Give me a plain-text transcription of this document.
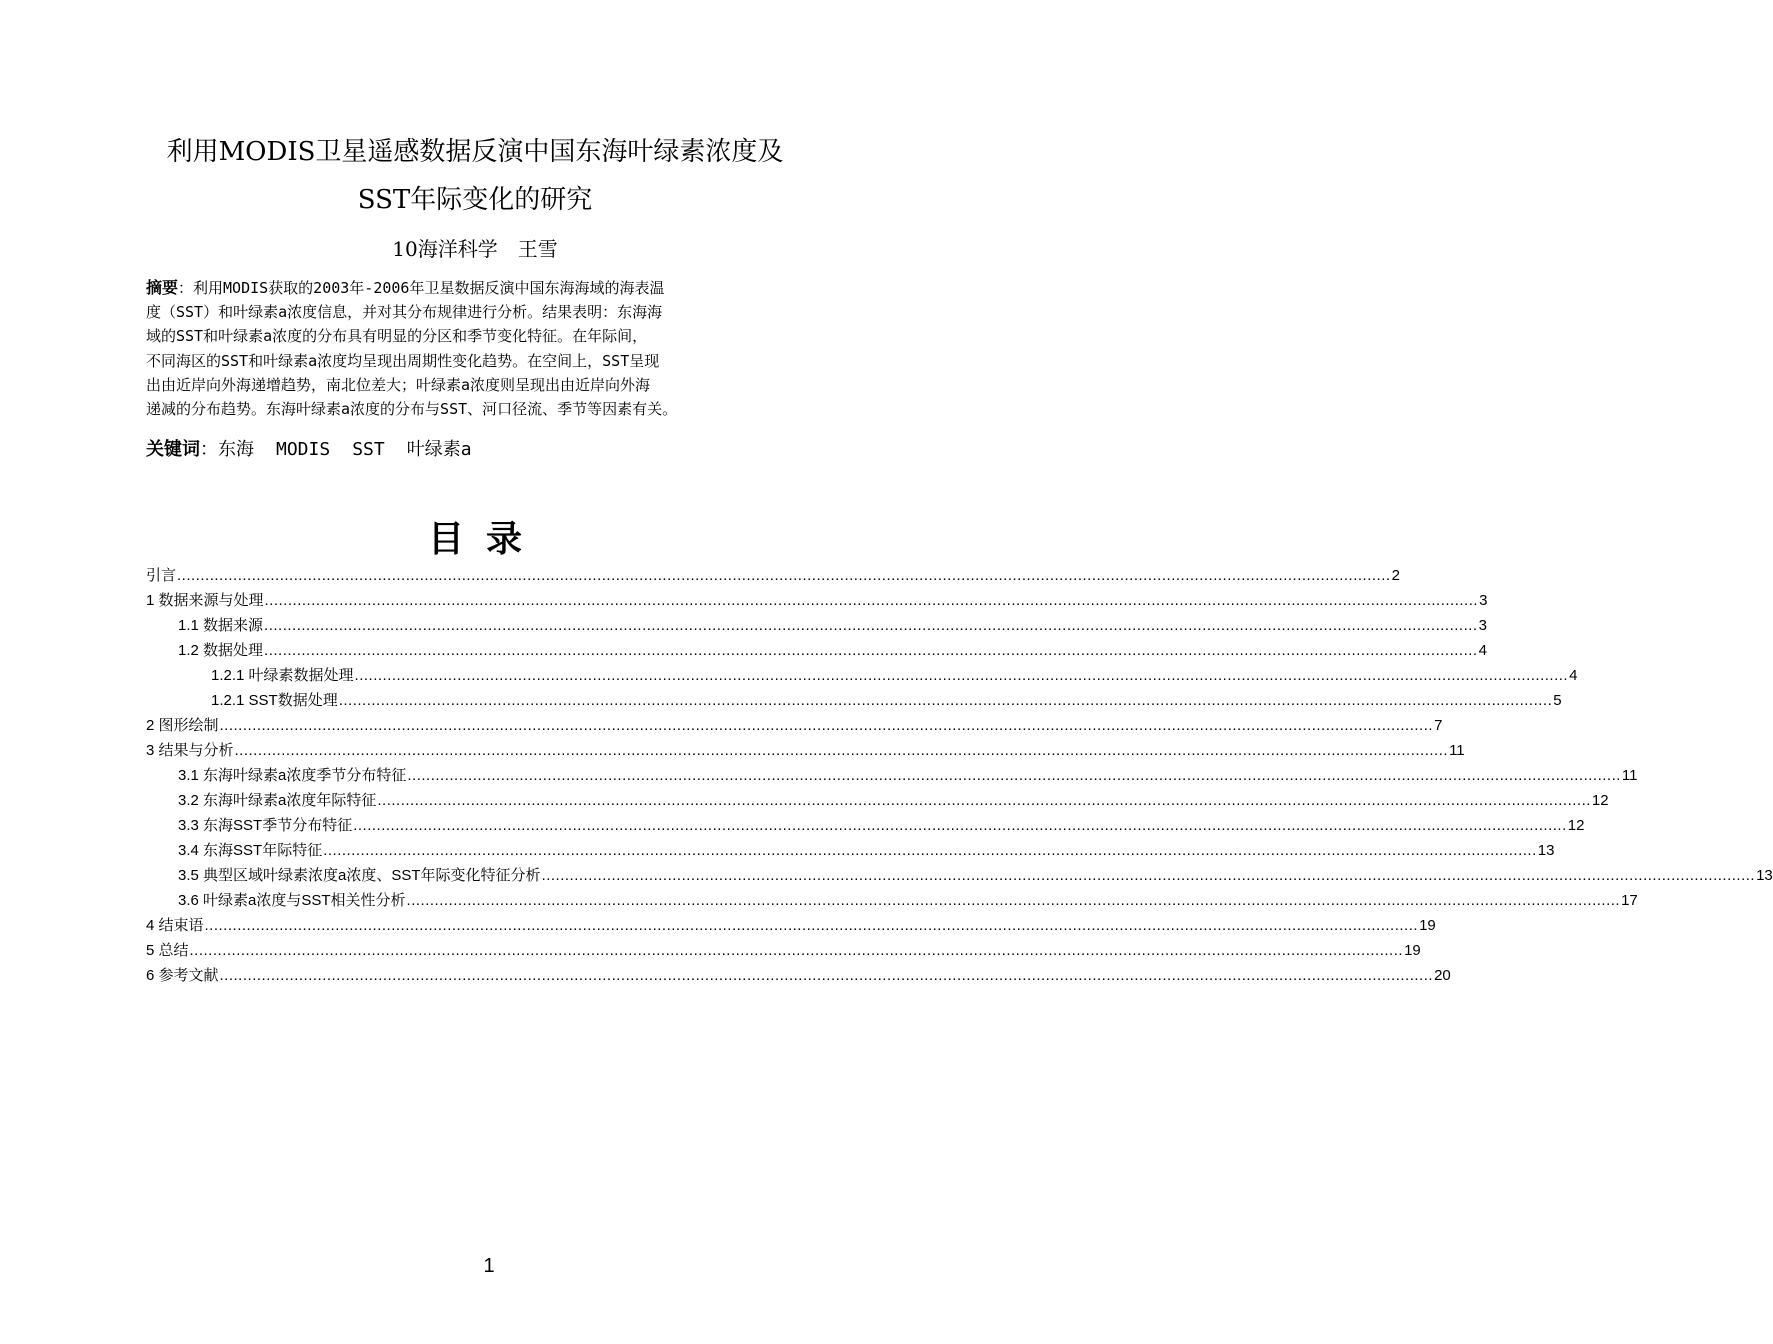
利用MODIS卫星遥感数据反演中国东海叶绿素浓度及
SST年际变化的研究
10海洋科学　王雪
摘要：利用MODIS获取的2003年-2006年卫星数据反演中国东海海域的海表温
度（SST）和叶绿素a浓度信息，并对其分布规律进行分析。结果表明：东海海
域的SST和叶绿素a浓度的分布具有明显的分区和季节变化特征。在年际间，
不同海区的SST和叶绿素a浓度均呈现出周期性变化趋势。在空间上，SST呈现
出由近岸向外海递增趋势，南北位差大；叶绿素a浓度则呈现出由近岸向外海
递减的分布趋势。东海叶绿素a浓度的分布与SST、河口径流、季节等因素有关。
关键词：东海 MODIS SST 叶绿素a
目录
引言 .................................................................................................................................................................................................................................................................... 2
1 数据来源与处理 .................................................................................................................................................................................................................................................................... 3
1.1 数据来源 .................................................................................................................................................................................................................................................................... 3
1.2 数据处理 .................................................................................................................................................................................................................................................................... 4
1.2.1 叶绿素数据处理 .................................................................................................................................................................................................................................................................... 4
1.2.1 SST数据处理 .................................................................................................................................................................................................................................................................... 5
2 图形绘制 .................................................................................................................................................................................................................................................................... 7
3 结果与分析 .................................................................................................................................................................................................................................................................... 11
3.1 东海叶绿素a浓度季节分布特征 .................................................................................................................................................................................................................................................................... 11
3.2 东海叶绿素a浓度年际特征 .................................................................................................................................................................................................................................................................... 12
3.3 东海SST季节分布特征 .................................................................................................................................................................................................................................................................... 12
3.4 东海SST年际特征 .................................................................................................................................................................................................................................................................... 13
3.5 典型区域叶绿素浓度a浓度、SST年际变化特征分析 .................................................................................................................................................................................................................................................................... 13
3.6 叶绿素a浓度与SST相关性分析 .................................................................................................................................................................................................................................................................... 17
4 结束语 .................................................................................................................................................................................................................................................................... 19
5 总结 .................................................................................................................................................................................................................................................................... 19
6 参考文献 .................................................................................................................................................................................................................................................................... 20
1
